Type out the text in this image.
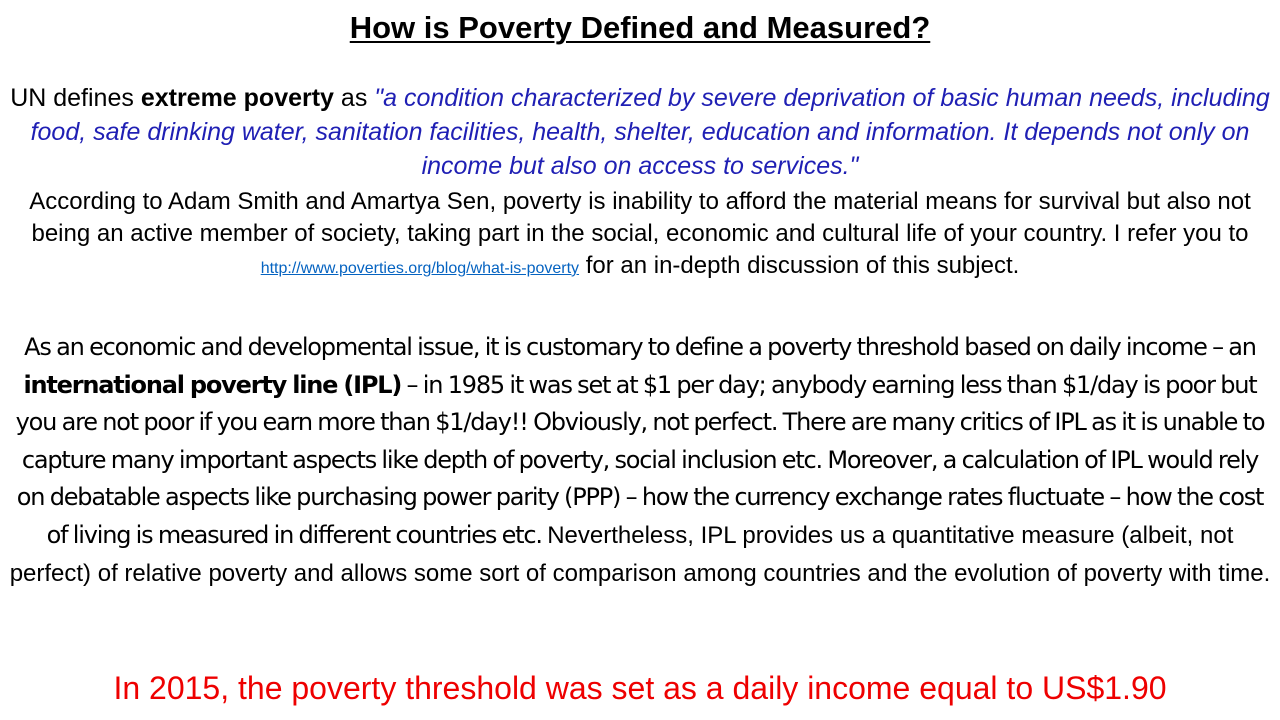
How is Poverty Defined and Measured?
UN defines extreme poverty as "a condition characterized by severe deprivation of basic human needs, including food, safe drinking water, sanitation facilities, health, shelter, education and information. It depends not only on income but also on access to services."
According to Adam Smith and Amartya Sen, poverty is inability to afford the material means for survival but also not being an active member of society, taking part in the social, economic and cultural life of your country. I refer you to http://www.poverties.org/blog/what-is-poverty for an in-depth discussion of this subject.
As an economic and developmental issue, it is customary to define a poverty threshold based on daily income – an international poverty line (IPL) – in 1985 it was set at $1 per day; anybody earning less than $1/day is poor but you are not poor if you earn more than $1/day!! Obviously, not perfect. There are many critics of IPL as it is unable to capture many important aspects like depth of poverty, social inclusion etc. Moreover, a calculation of IPL would rely on debatable aspects like purchasing power parity (PPP) – how the currency exchange rates fluctuate – how the cost of living is measured in different countries etc. Nevertheless, IPL provides us a quantitative measure (albeit, not perfect) of relative poverty and allows some sort of comparison among countries and the evolution of poverty with time.
In 2015, the poverty threshold was set as a daily income equal to US$1.90
